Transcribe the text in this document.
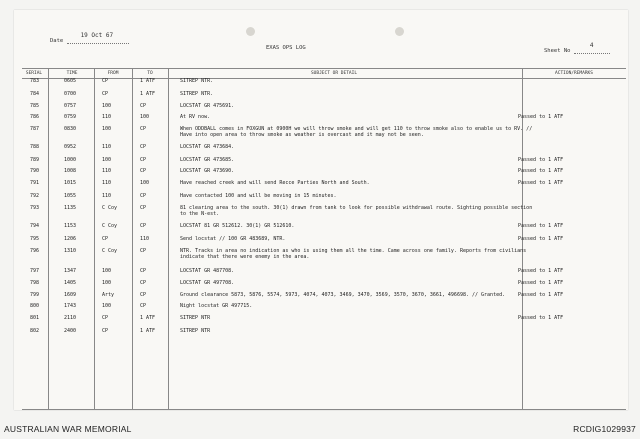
Date
19 Oct 67
EXAS OPS LOG	Sheet No
4
SERIAL	TIME	FROM	TO	SUBJECT OR DETAIL	ACTION/REMARKS
783	0605	CP	1 ATF	SITREP NTR.
784	0700	CP	1 ATF	SITREP NTR.
785	0757	100	CP	LOCSTAT GR 475691.
786	0759	110	100	At RV now.	Passed to 1 ATF
787	0830	100	CP	When ODDBALL comes in FOXGUN at 0900H we will throw smoke and will get 110 to throw smoke also to enable us to RV. // Have into open area to throw smoke as weather is overcast and it may not be seen.
788	0952	110	CP	LOCSTAT GR 473684.
789	1000	100	CP	LOCSTAT GR 473685.	Passed to 1 ATF
790	1008	110	CP	LOCSTAT GR 473690.	Passed to 1 ATF
791	1015	110	100	Have reached creek and will send Recce Parties North and South.	Passed to 1 ATF
792	1055	110	CP	Have contacted 100 and will be moving in 15 minutes.
793	1135	C Coy	CP	81 clearing area to the south. 30(1) drawn from tank to look for possible withdrawal route. Sighting possible section to the N-est.
794	1153	C Coy	CP	LOCSTAT 81 GR 512612. 30(1) GR 512610.	Passed to 1 ATF
795	1206	CP	110	Send locstat // 100 GR 483689, NTR.	Passed to 1 ATF
796	1310	C Coy	CP	NTR. Tracks in area no indication as who is using them all the time. Came across one family. Reports from civilians indicate that there were enemy in the area.
797	1347	100	CP	LOCSTAT GR 487708.	Passed to 1 ATF
798	1405	100	CP	LOCSTAT GR 497708.	Passed to 1 ATF
799	1609	Arty	CP	Ground clearance 5873, 5876, 5574, 5973, 4074, 4073, 3469, 3470, 3569, 3570, 3670, 3661, 496698. // Granted.	Passed to 1 ATF
800	1743	100	CP	Night locstat GR 497715.
801	2110	CP	1 ATF	SITREP NTR	Passed to 1 ATF
802	2400	CP	1 ATF	SITREP NTR
AUSTRALIAN WAR MEMORIAL	RCDIG1029937
